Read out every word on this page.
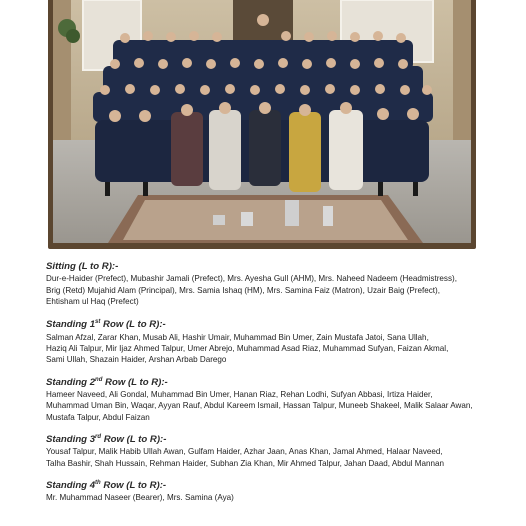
Sitting (L to R):-

Dur-e-Haider (Prefect), Mubashir Jamali (Prefect), Mrs. Ayesha Gull (AHM), Mrs. Naheed Nadeem (Headmistress),
Brig (Retd) Mujahid Alam (Principal), Mrs. Samia Ishaq (HM), Mrs. Samina Faiz (Matron), Uzair Baig (Prefect),
Ehtisham ul Haq (Prefect)

Standing 1st Row (L to R):-

Salman Afzal, Zarar Khan, Musab Ali, Hashir Umair, Muhammad Bin Umer, Zain Mustafa Jatoi, Sana Ullah,
Haziq Ali Talpur, Mir Ijaz Ahmed Talpur, Umer Abrejo, Muhammad Asad Riaz, Muhammad Sufyan, Faizan Akmal,
Sami Ullah, Shazain Haider, Arshan Arbab Darego

Standing 2nd Row (L to R):-

Hameer Naveed, Ali Gondal, Muhammad Bin Umer, Hanan Riaz, Rehan Lodhi, Sufyan Abbasi, Irtiza Haider,
Muhammad Uman Bin, Waqar, Ayyan Rauf, Abdul Kareem Ismail, Hassan Talpur, Muneeb Shakeel, Malik Salaar Awan,
Mustafa Talpur, Abdul Faizan

Standing 3rd Row (L to R):-

Yousaf Talpur, Malik Habib Ullah Awan, Gulfam Haider, Azhar Jaan, Anas Khan, Jamal Ahmed, Halaar Naveed,
Talha Bashir, Shah Hussain, Rehman Haider, Subhan Zia Khan, Mir Ahmed Talpur, Jahan Daad, Abdul Mannan

Standing 4th Row (L to R):-

Mr. Muhammad Naseer (Bearer), Mrs. Samina (Aya)
